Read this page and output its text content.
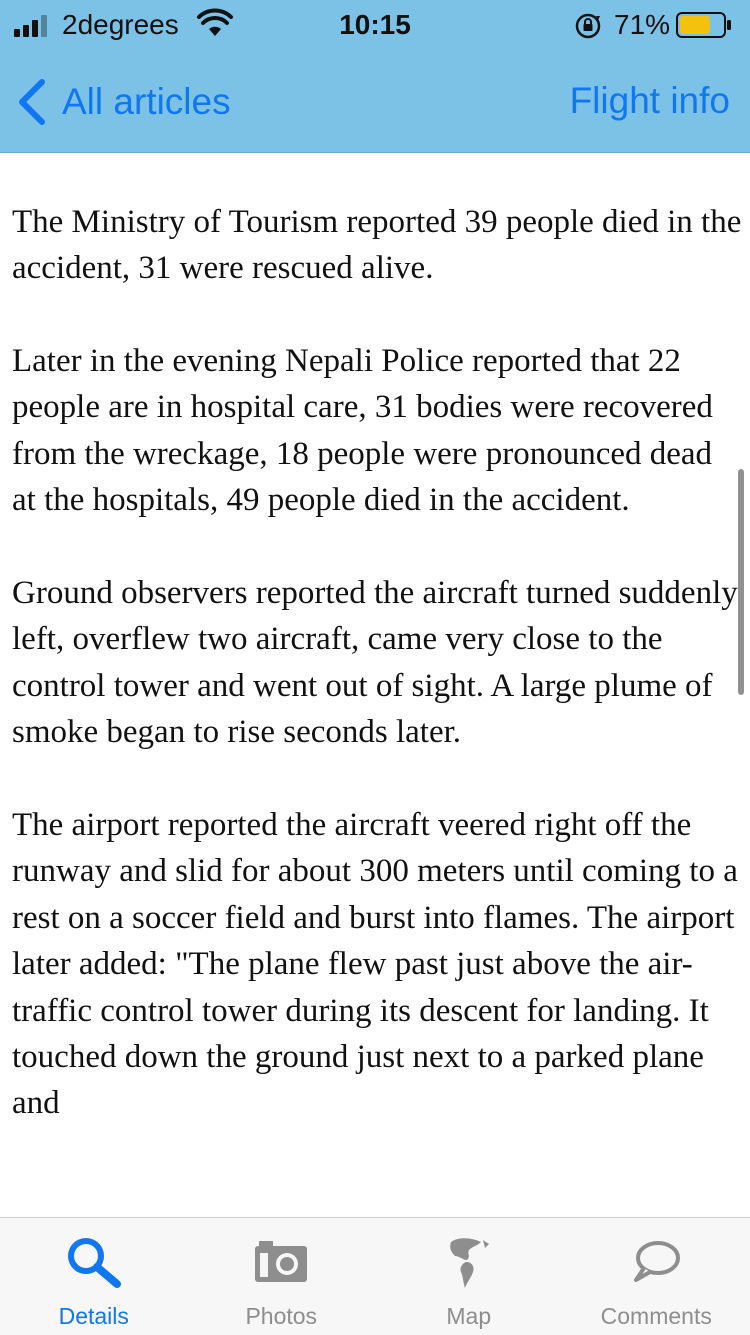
2degrees	10:15	71%
All articles	Flight info

The Ministry of Tourism reported 39 people died in the accident, 31 were rescued alive.

Later in the evening Nepali Police reported that 22 people are in hospital care, 31 bodies were recovered from the wreckage, 18 people were pronounced dead at the hospitals, 49 people died in the accident.

Ground observers reported the aircraft turned suddenly left, overflew two aircraft, came very close to the control tower and went out of sight. A large plume of smoke began to rise seconds later.

The airport reported the aircraft veered right off the runway and slid for about 300 meters until coming to a rest on a soccer field and burst into flames. The airport later added: "The plane flew past just above the air-traffic control tower during its descent for landing. It touched down the ground just next to a parked plane and

Details	Photos	Map	Comments
